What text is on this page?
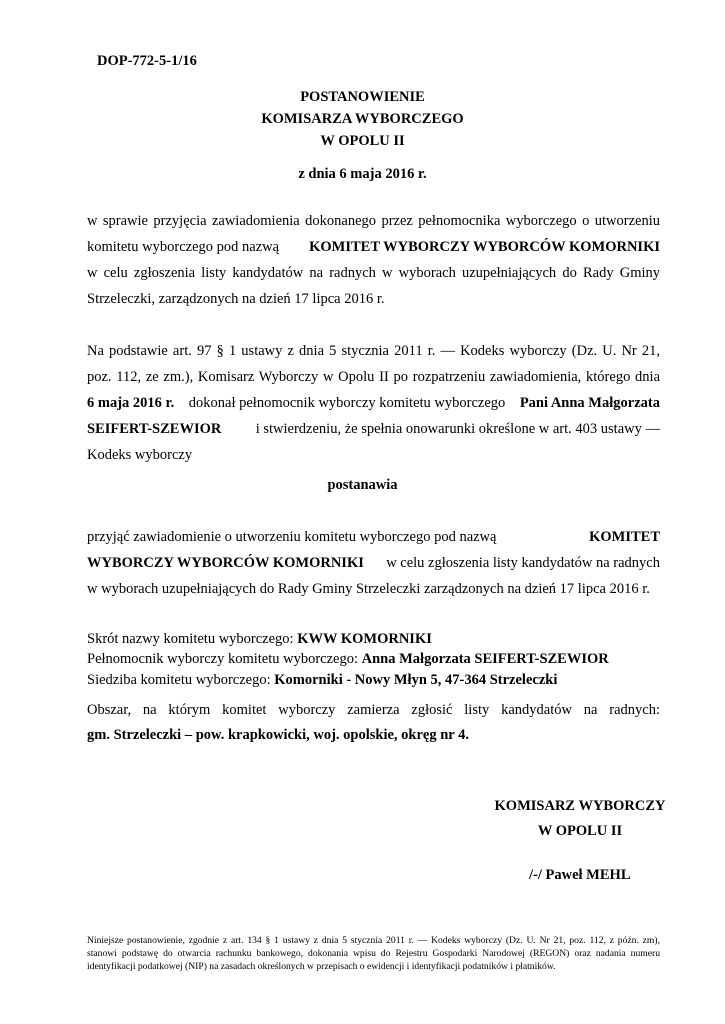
DOP-772-5-1/16
POSTANOWIENIE
KOMISARZA WYBORCZEGO
W OPOLU II
z dnia 6 maja 2016 r.
w sprawie przyjęcia zawiadomienia dokonanego przez pełnomocnika wyborczego o utworzeniu
komitetu wyborczego pod nazwą KOMITET WYBORCZY WYBORCÓW KOMORNIKI
w celu zgłoszenia listy kandydatów na radnych w wyborach uzupełniających do Rady Gminy
Strzeleczki, zarządzonych na dzień 17 lipca 2016 r.
Na podstawie art. 97 § 1 ustawy z dnia 5 stycznia 2011 r. — Kodeks wyborczy (Dz. U. Nr 21,
poz. 112, ze zm.), Komisarz Wyborczy w Opolu II po rozpatrzeniu zawiadomienia, którego dnia
6 maja 2016 r. dokonał pełnomocnik wyborczy komitetu wyborczego Pani Anna Małgorzata
SEIFERT-SZEWIOR i stwierdzeniu, że spełnia onowarunki określone w art. 403 ustawy —
Kodeks wyborczy
postanawia
przyjąć zawiadomienie o utworzeniu komitetu wyborczego pod nazwą	KOMITET
WYBORCZY WYBORCÓW KOMORNIKI w celu zgłoszenia listy kandydatów na radnych
w wyborach uzupełniających do Rady Gminy Strzeleczki zarządzonych na dzień 17 lipca 2016 r.
Skrót nazwy komitetu wyborczego: KWW KOMORNIKI
Pełnomocnik wyborczy komitetu wyborczego: Anna Małgorzata SEIFERT-SZEWIOR
Siedziba komitetu wyborczego: Komorniki - Nowy Młyn 5, 47-364 Strzeleczki
Obszar, na którym komitet wyborczy zamierza zgłosić listy kandydatów na radnych:
gm. Strzeleczki – pow. krapkowicki, woj. opolskie, okręg nr 4.
KOMISARZ WYBORCZY
W OPOLU II
/-/ Paweł MEHL
Niniejsze postanowienie, zgodnie z art. 134 § 1 ustawy z dnia 5 stycznia 2011 r. — Kodeks wyborczy (Dz. U. Nr 21, poz. 112, z późn. zm),
stanowi podstawę do otwarcia rachunku bankowego, dokonania wpisu do Rejestru Gospodarki Narodowej (REGON) oraz nadania numeru
identyfikacji podatkowej (NIP) na zasadach określonych w przepisach o ewidencji i identyfikacji podatników i płatników.
